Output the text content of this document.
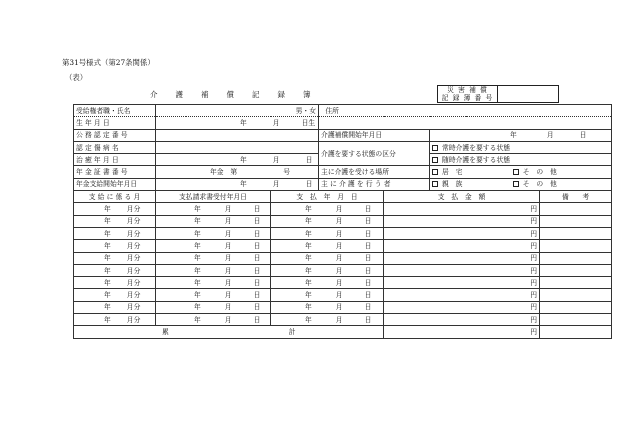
第31号様式（第27条関係）
（表）
介 護 補 償 記 録 簿	災 害 補 償
記 録 簿 番 号
受給権者職・氏名	男・女		住所			
生 年 月 日	年 月 日生					
公 務 認 定 番 号			介護補償開始年月日		年 月 日	
認 定 傷 病 名			介護を要する状態の区分		常時介護を要する状態	
治 癒 年 月 日	年 月 日				随時介護を要する状態	
年 金 証 書 番 号	年金　第 号		主に介護を受ける場所		居　宅 そ　の　他	
年金支給開始年月日	年 月 日		主 に 介 護 を 行 う 者		親　族 そ　の　他	
支 給 に 係 る 月	支払請求書受付年月日	支　払　年　月　日		支　払　金　額		備　　考
年 月分	年 月 日	年 月 日		円		
年 月分	年 月 日	年 月 日		円		
年 月分	年 月 日	年 月 日		円		
年 月分	年 月 日	年 月 日		円		
年 月分	年 月 日	年 月 日		円		
年 月分	年 月 日	年 月 日		円		
年 月分	年 月 日	年 月 日		円		
年 月分	年 月 日	年 月 日		円		
年 月分	年 月 日	年 月 日		円		
年 月分	年 月 日	年 月 日		円		
累 計				円		
